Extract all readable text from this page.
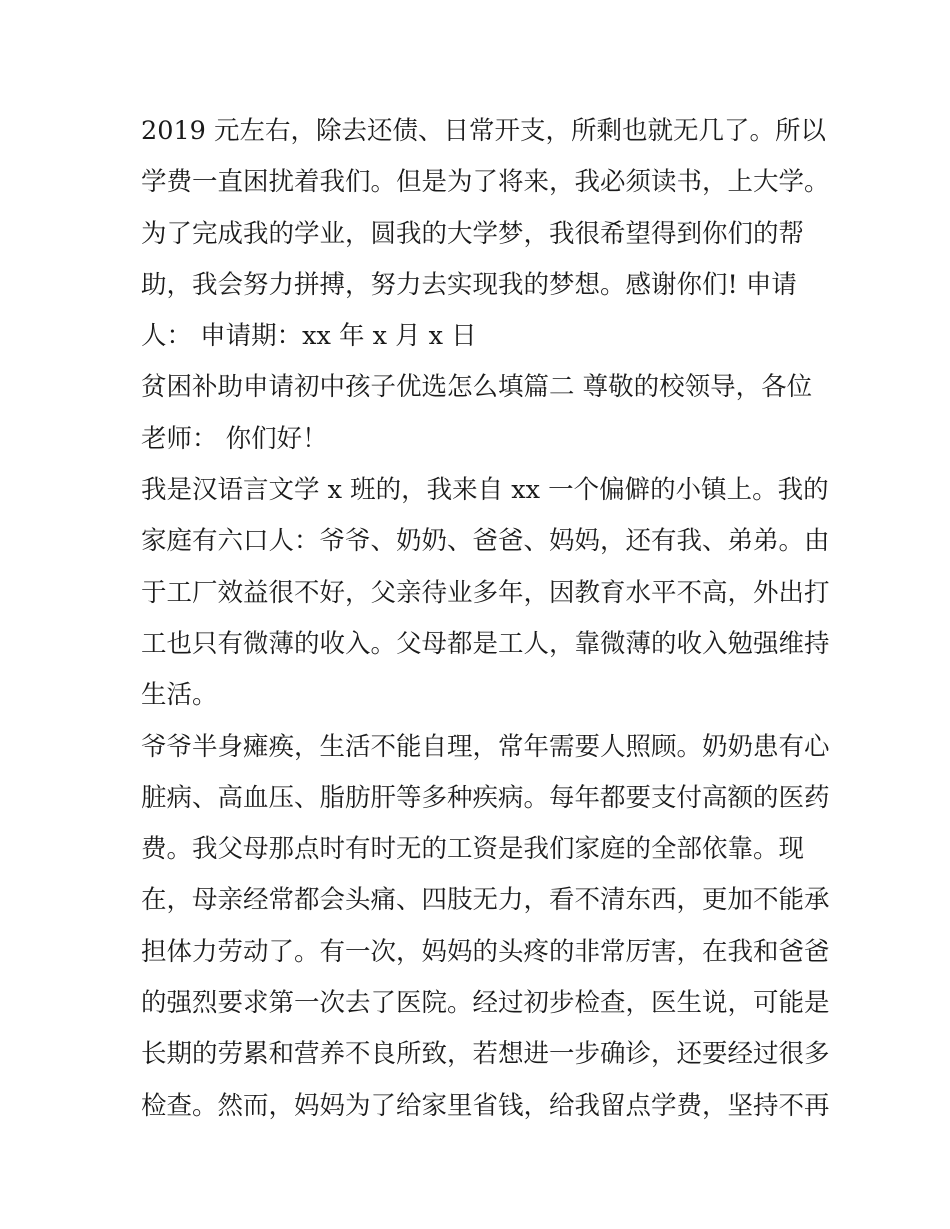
2019 元左右，除去还债、日常开支，所剩也就无几了。所以
学费一直困扰着我们。但是为了将来，我必须读书，上大学。
为了完成我的学业，圆我的大学梦，我很希望得到你们的帮
助，我会努力拼搏，努力去实现我的梦想。感谢你们! 申请
人： 申请期：xx 年 x 月 x 日
贫困补助申请初中孩子优选怎么填篇二 尊敬的校领导，各位
老师： 你们好！
我是汉语言文学 x 班的，我来自 xx 一个偏僻的小镇上。我的
家庭有六口人：爷爷、奶奶、爸爸、妈妈，还有我、弟弟。由
于工厂效益很不好，父亲待业多年，因教育水平不高，外出打
工也只有微薄的收入。父母都是工人，靠微薄的收入勉强维持
生活。
爷爷半身瘫痪，生活不能自理，常年需要人照顾。奶奶患有心
脏病、高血压、脂肪肝等多种疾病。每年都要支付高额的医药
费。我父母那点时有时无的工资是我们家庭的全部依靠。现
在，母亲经常都会头痛、四肢无力，看不清东西，更加不能承
担体力劳动了。有一次，妈妈的头疼的非常厉害，在我和爸爸
的强烈要求第一次去了医院。经过初步检查，医生说，可能是
长期的劳累和营养不良所致，若想进一步确诊，还要经过很多
检查。然而，妈妈为了给家里省钱，给我留点学费，坚持不再
